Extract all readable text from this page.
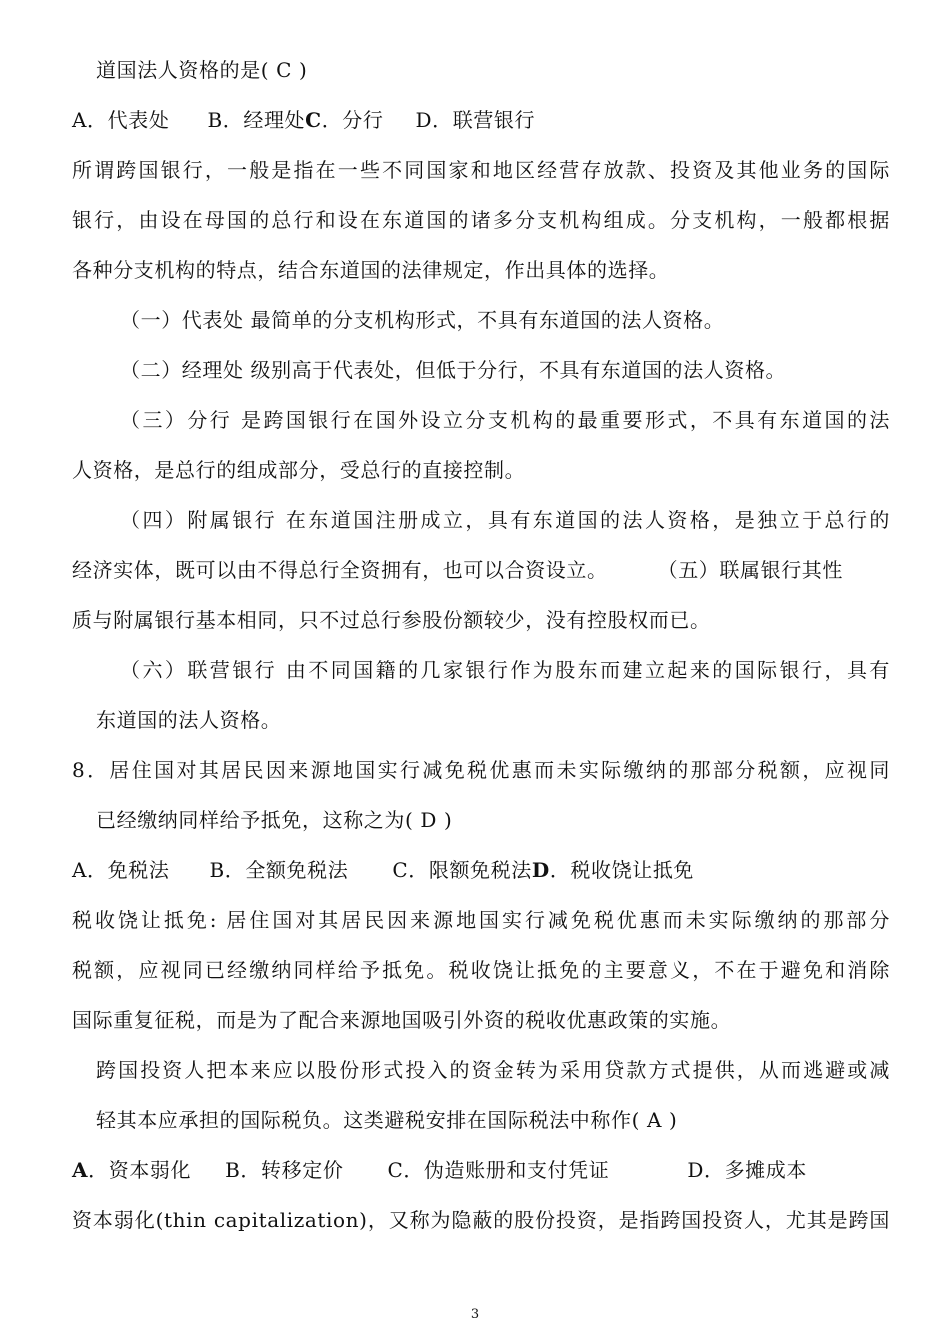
道国法人资格的是( C )
A．代表处 B．经理处C．分行 D．联营银行
所谓跨国银行，一般是指在一些不同国家和地区经营存放款、投资及其他业务的国际
银行，由设在母国的总行和设在东道国的诸多分支机构组成。分支机构，一般都根据
各种分支机构的特点，结合东道国的法律规定，作出具体的选择。
（一）代表处 最简单的分支机构形式，不具有东道国的法人资格。
（二）经理处 级别高于代表处，但低于分行，不具有东道国的法人资格。
（三）分行 是跨国银行在国外设立分支机构的最重要形式，不具有东道国的法
人资格，是总行的组成部分，受总行的直接控制。
（四）附属银行 在东道国注册成立，具有东道国的法人资格，是独立于总行的
经济实体，既可以由不得总行全资拥有，也可以合资设立。	（五）联属银行其性
质与附属银行基本相同，只不过总行参股份额较少，没有控股权而已。
（六）联营银行 由不同国籍的几家银行作为股东而建立起来的国际银行，具有
东道国的法人资格。
8．居住国对其居民因来源地国实行减免税优惠而未实际缴纳的那部分税额，应视同
已经缴纳同样给予抵免，这称之为( D )
A．免税法 B．全额免税法 C．限额免税法D．税收饶让抵免
税收饶让抵免: 居住国对其居民因来源地国实行减免税优惠而未实际缴纳的那部分
税额，应视同已经缴纳同样给予抵免。税收饶让抵免的主要意义，不在于避免和消除
国际重复征税，而是为了配合来源地国吸引外资的税收优惠政策的实施。
跨国投资人把本来应以股份形式投入的资金转为采用贷款方式提供，从而逃避或减
轻其本应承担的国际税负。这类避税安排在国际税法中称作( A )
A．资本弱化 B．转移定价 C．伪造账册和支付凭证	D．多摊成本
资本弱化(thin capitalization)，又称为隐蔽的股份投资，是指跨国投资人，尤其是跨国
3
